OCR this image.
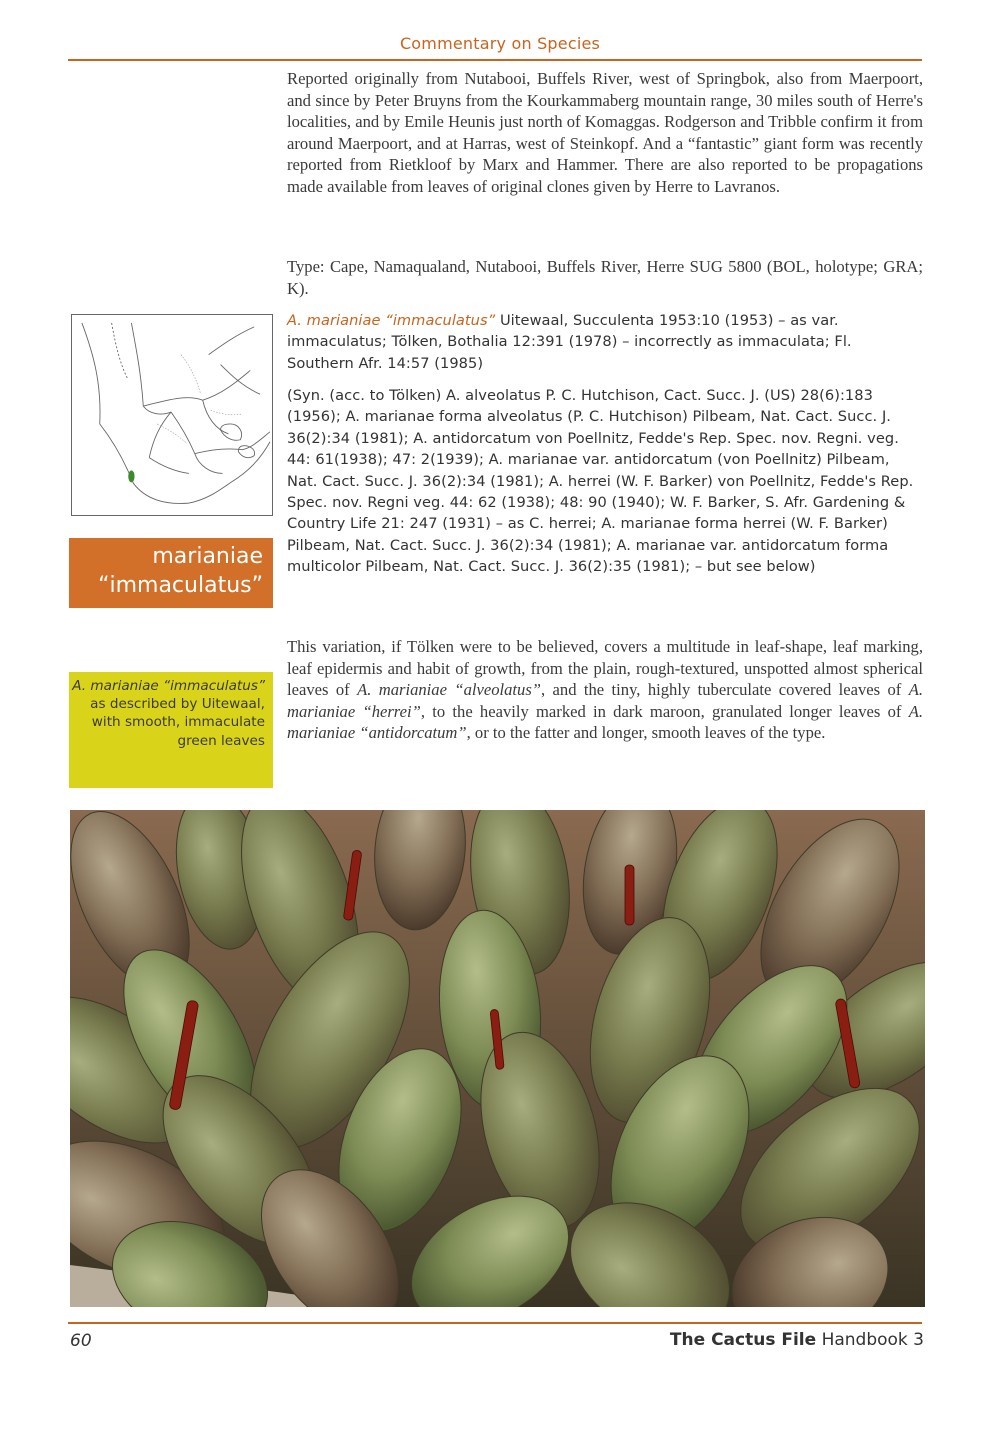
Commentary on Species

Reported originally from Nutabooi, Buffels River, west of Springbok, also from Maerpoort, and since by Peter Bruyns from the Kourkammaberg mountain range, 30 miles south of Herre's localities, and by Emile Heunis just north of Komaggas. Rodgerson and Tribble confirm it from around Maerpoort, and at Harras, west of Steinkopf. And a “fantastic” giant form was recently reported from Rietkloof by Marx and Hammer. There are also reported to be propagations made available from leaves of original clones given by Herre to Lavranos.

Type: Cape, Namaqualand, Nutabooi, Buffels River, Herre SUG 5800 (BOL, holotype; GRA; K).

A. marianiae “immaculatus” Uitewaal, Succulenta 1953:10 (1953) – as var. immaculatus; Tölken, Bothalia 12:391 (1978) – incorrectly as immaculata; Fl. Southern Afr. 14:57 (1985)

(Syn. (acc. to Tölken) A. alveolatus P. C. Hutchison, Cact. Succ. J. (US) 28(6):183 (1956); A. marianae forma alveolatus (P. C. Hutchison) Pilbeam, Nat. Cact. Succ. J. 36(2):34 (1981); A. antidorcatum von Poellnitz, Fedde's Rep. Spec. nov. Regni. veg. 44: 61(1938); 47: 2(1939); A. marianae var. antidorcatum (von Poellnitz) Pilbeam, Nat. Cact. Succ. J. 36(2):34 (1981); A. herrei (W. F. Barker) von Poellnitz, Fedde's Rep. Spec. nov. Regni veg. 44: 62 (1938); 48: 90 (1940); W. F. Barker, S. Afr. Gardening & Country Life 21: 247 (1931) – as C. herrei; A. marianae forma herrei (W. F. Barker) Pilbeam, Nat. Cact. Succ. J. 36(2):34 (1981); A. marianae var. antidorcatum forma multicolor Pilbeam, Nat. Cact. Succ. J. 36(2):35 (1981); – but see below)

This variation, if Tölken were to be believed, covers a multitude in leaf-shape, leaf marking, leaf epidermis and habit of growth, from the plain, rough-textured, unspotted almost spherical leaves of A. marianiae “alveolatus”, and the tiny, highly tuberculate covered leaves of A. marianiae “herrei”, to the heavily marked in dark maroon, granulated longer leaves of A. marianiae “antidorcatum”, or to the fatter and longer, smooth leaves of the type.

marianiae
“immaculatus”
A. marianiae “immaculatus” as described by Uitewaal, with smooth, immaculate green leaves
60	The Cactus File Handbook 3
